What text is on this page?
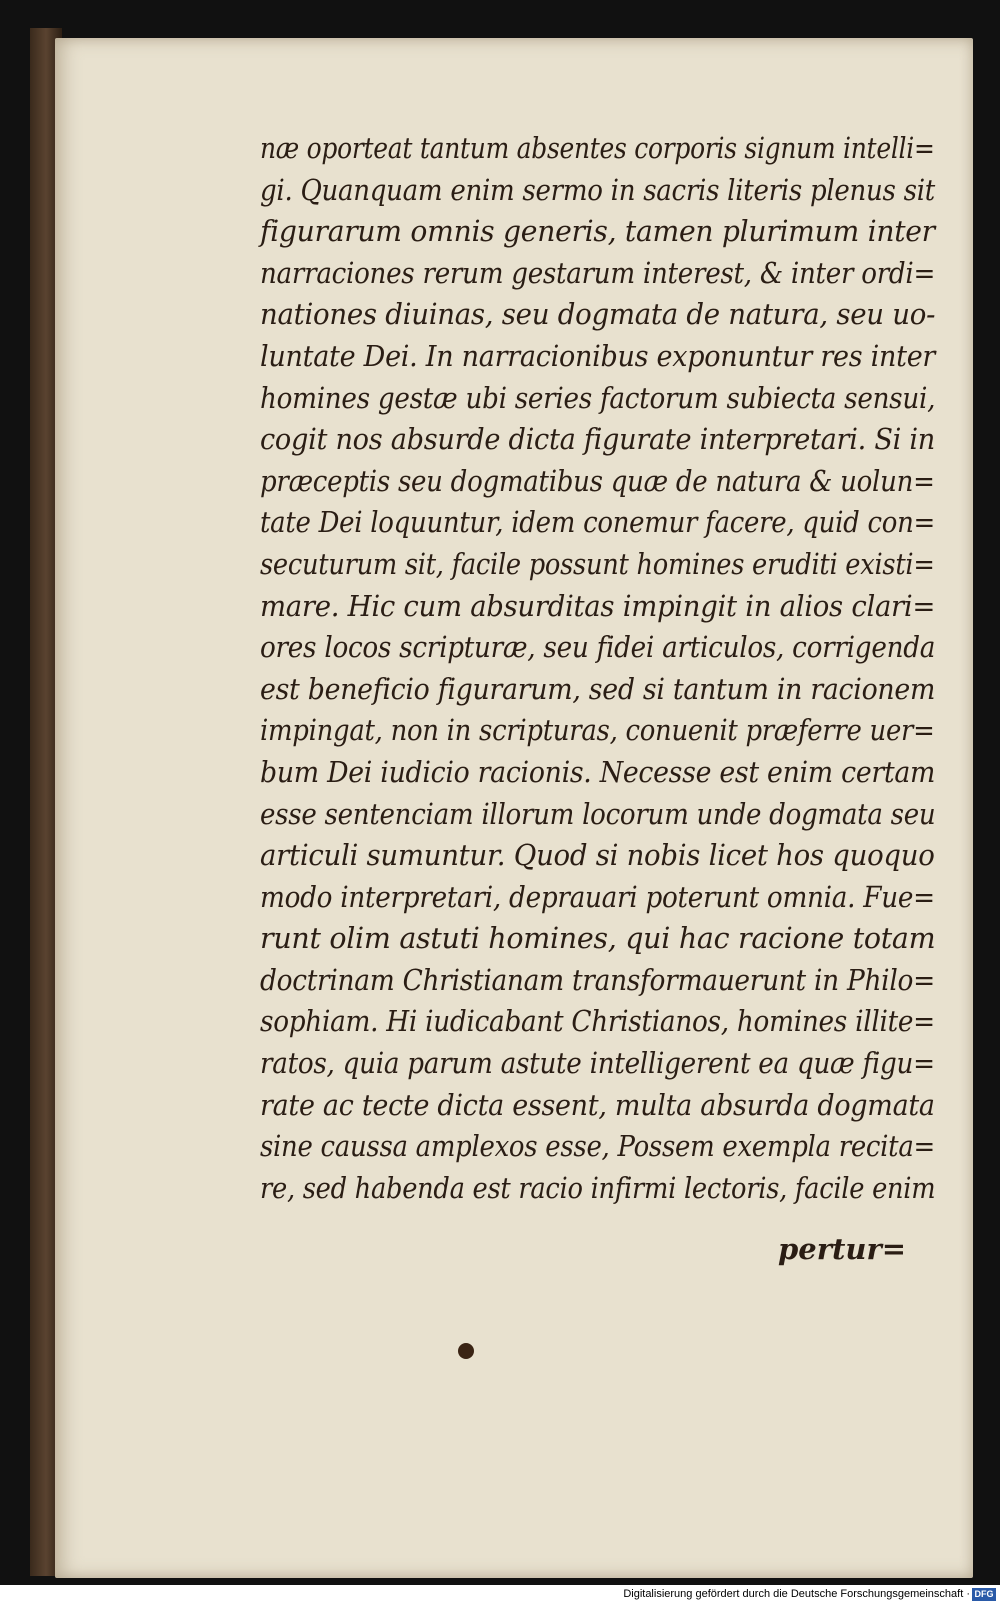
næ oporteat tantum absentes corporis signum intelli=
gi. Quanquam enim sermo in sacris literis plenus sit
figurarum omnis generis, tamen plurimum inter
narraciones rerum gestarum interest, & inter ordi=
nationes diuinas, seu dogmata de natura, seu uo-
luntate Dei. In narracionibus exponuntur res inter
homines gestæ ubi series factorum subiecta sensui,
cogit nos absurde dicta figurate interpretari. Si in
præceptis seu dogmatibus quæ de natura & uolun=
tate Dei loquuntur, idem conemur facere, quid con=
secuturum sit, facile possunt homines eruditi existi=
mare. Hic cum absurditas impingit in alios clari=
ores locos scripturæ, seu fidei articulos, corrigenda
est beneficio figurarum, sed si tantum in racionem
impingat, non in scripturas, conuenit præferre uer=
bum Dei iudicio racionis. Necesse est enim certam
esse sentenciam illorum locorum unde dogmata seu
articuli sumuntur. Quod si nobis licet hos quoquo
modo interpretari, deprauari poterunt omnia. Fue=
runt olim astuti homines, qui hac racione totam
doctrinam Christianam transformauerunt in Philo=
sophiam. Hi iudicabant Christianos, homines illite=
ratos, quia parum astute intelligerent ea quæ figu=
rate ac tecte dicta essent, multa absurda dogmata
sine caussa amplexos esse, Possem exempla recita=
re, sed habenda est racio infirmi lectoris, facile enim
pertur=
Digitalisierung gefördert durch die Deutsche Forschungsgemeinschaft · DFG
